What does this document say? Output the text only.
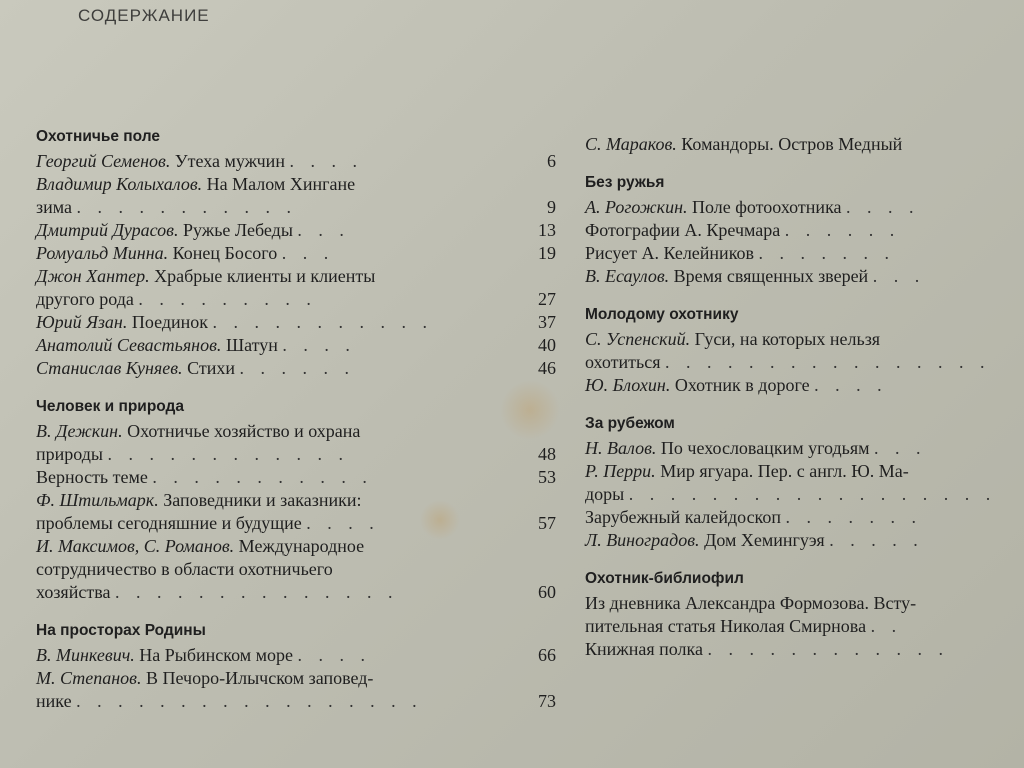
СОДЕРЖАНИЕ
Охотничье поле
Георгий Семенов. Утеха мужчин . . . .	6
Владимир Колыхалов. На Малом Хингане
зима . . . . . . . . . . .	9
Дмитрий Дурасов. Ружье Лебеды . . .	13
Ромуальд Минна. Конец Босого . . .	19
Джон Хантер. Храбрые клиенты и клиенты
другого рода . . . . . . . . .	27
Юрий Язан. Поединок . . . . . . . . . . .	37
Анатолий Севастьянов. Шатун . . . .	40
Станислав Куняев. Стихи . . . . . .	46
Человек и природа
В. Дежкин. Охотничье хозяйство и охрана
природы . . . . . . . . . . . .	48
Верность теме . . . . . . . . . . .	53
Ф. Штильмарк. Заповедники и заказники:
проблемы сегодняшние и будущие . . . .	57
И. Максимов, С. Романов. Международное
сотрудничество в области охотничьего
хозяйства . . . . . . . . . . . . . .	60
На просторах Родины
В. Минкевич. На Рыбинском море . . . .	66
М. Степанов. В Печоро-Илычском заповед-
нике . . . . . . . . . . . . . . . . .	73
С. Мараков. Командоры. Остров Медный
Без ружья
А. Рогожкин. Поле фотоохотника . . . .
Фотографии А. Кречмара . . . . . .
Рисует А. Келейников . . . . . . .
В. Есаулов. Время священных зверей . . .
Молодому охотнику
С. Успенский. Гуси, на которых нельзя
охотиться . . . . . . . . . . . . . . . .
Ю. Блохин. Охотник в дороге . . . .
За рубежом
Н. Валов. По чехословацким угодьям . . .
Р. Перри. Мир ягуара. Пер. с англ. Ю. Ма-
доры . . . . . . . . . . . . . . . . . .
Зарубежный калейдоскоп . . . . . . .
Л. Виноградов. Дом Хемингуэя . . . . .
Охотник-библиофил
Из дневника Александра Формозова. Всту-
пительная статья Николая Смирнова . .
Книжная полка . . . . . . . . . . . .
